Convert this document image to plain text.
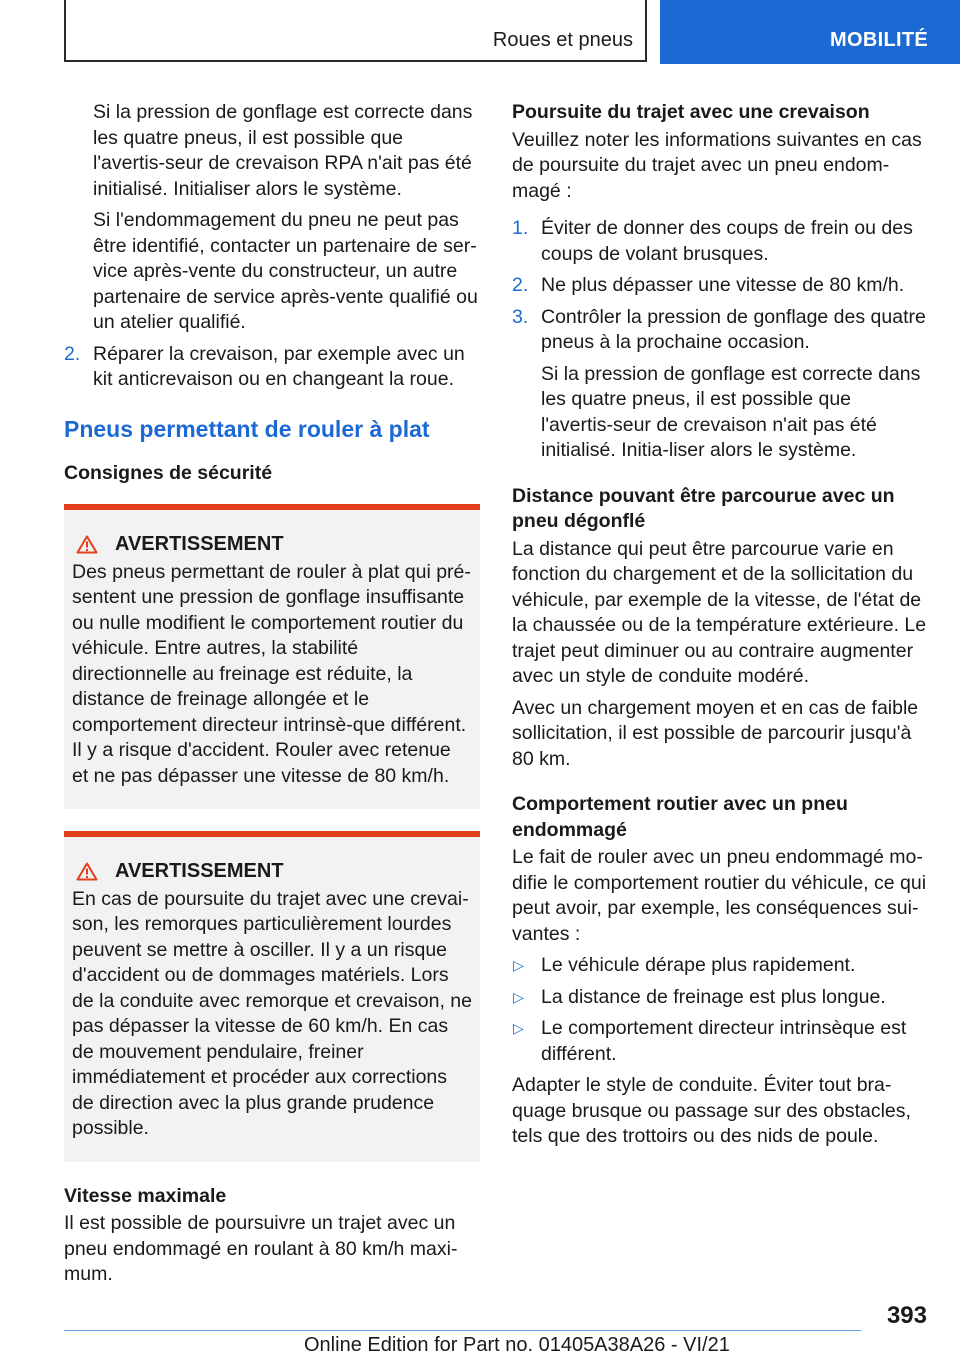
Roues et pneus	MOBILITÉ

Si la pression de gonflage est correcte dans les quatre pneus, il est possible que l'avertis-seur de crevaison RPA n'ait pas été initialisé. Initialiser alors le système.

Si l'endommagement du pneu ne peut pas être identifié, contacter un partenaire de ser-vice après-vente du constructeur, un autre partenaire de service après-vente qualifié ou un atelier qualifié.

2. Réparer la crevaison, par exemple avec un kit anticrevaison ou en changeant la roue.
Pneus permettant de rouler à plat
Consignes de sécurité
AVERTISSEMENT

Des pneus permettant de rouler à plat qui pré-sentent une pression de gonflage insuffisante ou nulle modifient le comportement routier du véhicule. Entre autres, la stabilité directionnelle au freinage est réduite, la distance de freinage allongée et le comportement directeur intrinsè-que différent. Il y a risque d'accident. Rouler avec retenue et ne pas dépasser une vitesse de 80 km/h.

AVERTISSEMENT

En cas de poursuite du trajet avec une crevai-son, les remorques particulièrement lourdes peuvent se mettre à osciller. Il y a un risque d'accident ou de dommages matériels. Lors de la conduite avec remorque et crevaison, ne pas dépasser la vitesse de 60 km/h. En cas de mouvement pendulaire, freiner immédiatement et procéder aux corrections de direction avec la plus grande prudence possible.

Vitesse maximale

Il est possible de poursuivre un trajet avec un pneu endommagé en roulant à 80 km/h maxi-mum.

Poursuite du trajet avec une crevaison

Veuillez noter les informations suivantes en cas de poursuite du trajet avec un pneu endom-magé :

1. Éviter de donner des coups de frein ou des coups de volant brusques.
2. Ne plus dépasser une vitesse de 80 km/h.
3. Contrôler la pression de gonflage des quatre pneus à la prochaine occasion.

Si la pression de gonflage est correcte dans les quatre pneus, il est possible que l'avertis-seur de crevaison n'ait pas été initialisé. Initia-liser alors le système.

Distance pouvant être parcourue avec un pneu dégonflé

La distance qui peut être parcourue varie en fonction du chargement et de la sollicitation du véhicule, par exemple de la vitesse, de l'état de la chaussée ou de la température extérieure. Le trajet peut diminuer ou au contraire augmenter avec un style de conduite modéré.

Avec un chargement moyen et en cas de faible sollicitation, il est possible de parcourir jusqu'à 80 km.

Comportement routier avec un pneu endommagé

Le fait de rouler avec un pneu endommagé mo-difie le comportement routier du véhicule, ce qui peut avoir, par exemple, les conséquences sui-vantes :

▷ Le véhicule dérape plus rapidement.
▷ La distance de freinage est plus longue.
▷ Le comportement directeur intrinsèque est différent.

Adapter le style de conduite. Éviter tout bra-quage brusque ou passage sur des obstacles, tels que des trottoirs ou des nids de poule.

393
Online Edition for Part no. 01405A38A26 - VI/21
